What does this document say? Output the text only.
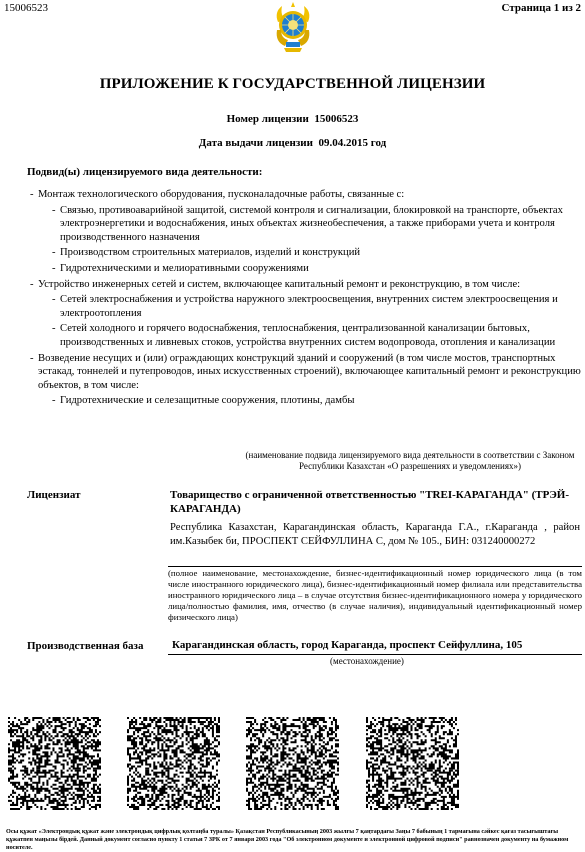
15006523	Страница 1 из 2
ПРИЛОЖЕНИЕ К ГОСУДАРСТВЕННОЙ ЛИЦЕНЗИИ
Номер лицензии 15006523
Дата выдачи лицензии 09.04.2015 год
Подвид(ы) лицензируемого вида деятельности:
- Монтаж технологического оборудования, пусконаладочные работы, связанные с:
- Связью, противоаварийной защитой, системой контроля и сигнализации, блокировкой на транспорте, объектах электроэнергетики и водоснабжения, иных объектах жизнеобеспечения, а также приборами учета и контроля производственного назначения
- Производством строительных материалов, изделий и конструкций
- Гидротехническими и мелиоративными сооружениями
- Устройство инженерных сетей и систем, включающее капитальный ремонт и реконструкцию, в том числе:
- Сетей электроснабжения и устройства наружного электроосвещения, внутренних систем электроосвещения и электроотопления
- Сетей холодного и горячего водоснабжения, теплоснабжения, централизованной канализации бытовых, производственных и ливневых стоков, устройства внутренних систем водопровода, отопления и канализации
- Возведение несущих и (или) ограждающих конструкций зданий и сооружений (в том числе мостов, транспортных эстакад, тоннелей и путепроводов, иных искусственных строений), включающее капитальный ремонт и реконструкцию объектов, в том числе:
- Гидротехнические и селезащитные сооружения, плотины, дамбы
(наименование подвида лицензируемого вида деятельности в соответствии с Законом Республики Казахстан «О разрешениях и уведомлениях»)
Лицензиат	Товарищество с ограниченной ответственностью "TREI-КАРАГАНДА" (ТРЭЙ-КАРАГАНДА)
Республика Казахстан, Карагандинская область, Караганда Г.А., г.Караганда , район им.Казыбек би, ПРОСПЕКТ СЕЙФУЛЛИНА С, дом № 105., БИН: 031240000272
(полное наименование, местонахождение, бизнес-идентификационный номер юридического лица (в том числе иностранного юридического лица), бизнес-идентификационный номер филиала или представительства иностранного юридического лица – в случае отсутствия бизнес-идентификационного номера у юридического лица/полностью фамилия, имя, отчество (в случае наличия), индивидуальный идентификационный номер физического лица)
Производственная база	Карагандинская область, город Караганда, проспект Сейфуллина, 105
(местонахождение)
Осы құжат «Электрондық құжат және электрондық цифрлық қолтаңба туралы» Қазақстан Республикасының 2003 жылғы 7 қаңтардағы Заңы 7 бабының 1 тармағына сәйкес қағаз тасығыштағы құжатпен маңызы бірдей. Данный документ согласно пункту 1 статьи 7 ЗРК от 7 января 2003 года "Об электронном документе и электронной цифровой подписи" равнозначен документу на бумажном носителе.
